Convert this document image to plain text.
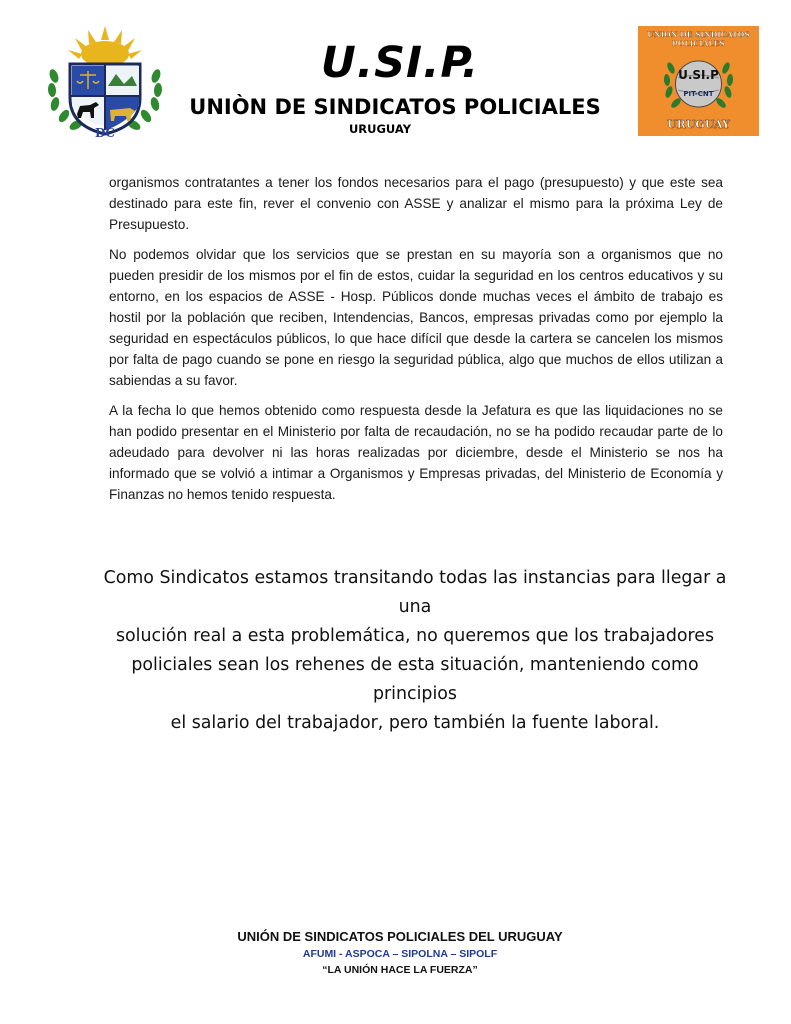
DC
U.SI.P.
UNIÒN DE SINDICATOS POLICIALES
URUGUAY
UNION DE SINDICATOS
POLICIALES
U.SI.P
PIT-CNT
URUGUAY

organismos contratantes a tener los fondos necesarios para el pago (presupuesto) y que este sea destinado para este fin, rever el convenio con ASSE y analizar el mismo para la próxima Ley de Presupuesto.

No podemos olvidar que los servicios que se prestan en su mayoría son a organismos que no pueden presidir de los mismos por el fin de estos, cuidar la seguridad en los centros educativos y su entorno, en los espacios de ASSE - Hosp. Públicos donde muchas veces el ámbito de trabajo es hostil por la población que reciben, Intendencias, Bancos, empresas privadas como por ejemplo la seguridad en espectáculos públicos, lo que hace difícil que desde la cartera se cancelen los mismos por falta de pago cuando se pone en riesgo la seguridad pública, algo que muchos de ellos utilizan a sabiendas a su favor.

A la fecha lo que hemos obtenido como respuesta desde la Jefatura es que las liquidaciones no se han podido presentar en el Ministerio por falta de recaudación, no se ha podido recaudar parte de lo adeudado para devolver ni las horas realizadas por diciembre, desde el Ministerio se nos ha informado que se volvió a intimar a Organismos y Empresas privadas, del Ministerio de Economía y Finanzas no hemos tenido respuesta.

Como Sindicatos estamos transitando todas las instancias para llegar a una
solución real a esta problemática, no queremos que los trabajadores
policiales sean los rehenes de esta situación, manteniendo como principios
el salario del trabajador, pero también la fuente laboral.
UNIÓN DE SINDICATOS POLICIALES DEL URUGUAY
AFUMI - ASPOCA – SIPOLNA – SIPOLF
“LA UNIÓN HACE LA FUERZA”
